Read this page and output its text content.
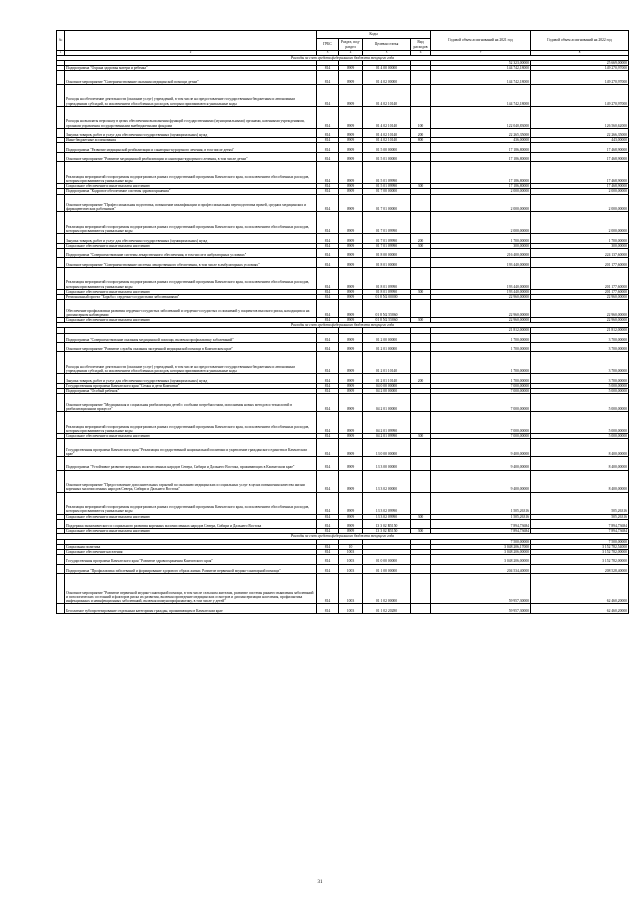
№		Коды				Годовой объем ассигнований на 2021 год	Годовой объем ассигнований на 2022 год
		ГРБС	Раздел, под-раздел	Целевая статья	Вид расходов		
1	2	3	4	5	6	7	8
Расходы за счет средств федерального бюджета текущего года							
						52 323,00000	25 669,00000
	Подпрограмма "Охрана здоровья матери и ребенка"	814	0909	01 4 00 00000		144 742,18000	149 270,97000
	Основное мероприятие "Совершенствование оказания медицинской помощи детям"	814	0909	01 4 02 00000		144 742,18000	149 270,97000
	Расходы на обеспечение деятельности (оказание услуг) учреждений, в том числе на предоставление государственным бюджетным и автономным учреждениям субсидий, за исключением обособленных расходов, которым присваиваются уникальные коды	814	0909	01 4 02 10140		144 742,18000	149 270,97000
	Расходы на выплаты персоналу в целях обеспечения выполнения функций государственными (муниципальными) органами, казенными учреждениями, органами управления государственными внебюджетными фондами	814	0909	01 4 02 10140	100	122 040,83000	126 560,62000
	Закупка товаров, работ и услуг для обеспечения государственных (муниципальных) нужд	814	0909	01 4 02 10140	200	22 265,35000	22 266,35000
	Иные бюджетные ассигнования	814	0909	01 4 02 10140	800	436,00000	443,00000
	Подпрограмма "Развитие медицинской реабилитации и санаторно-курортного лечения, в том числе детям"	814	0909	01 5 00 00000		17 186,80000	17 468,90000
	Основное мероприятие "Развитие медицинской реабилитации и санаторно-курортного лечения, в том числе детям"	814	0909	01 5 01 00000		17 186,80000	17 468,90000
	Реализация мероприятий госпрограммы подпрограммы в рамках государственной программы Камчатского края, за исключением обособленных расходов, которым присваиваются уникальные коды	814	0909	01 5 01 09990		17 186,80000	17 468,90000
	Социальное обеспечение и иные выплаты населению	814	0909	01 5 01 09990	300	17 186,80000	17 468,90000
	Подпрограмма "Кадровое обеспечение системы здравоохранения"	814	0909	01 7 00 00000		2 000,00000	2 000,00000
	Основное мероприятие "Профессиональная подготовка, повышение квалификации и профессиональная переподготовка врачей, средних медицинских и фармацевтических работников"	814	0909	01 7 01 00000		2 000,00000	2 000,00000
	Реализация мероприятий госпрограммы подпрограммы в рамках государственной программы Камчатского края, за исключением обособленных расходов, которым присваиваются уникальные коды	814	0909	01 7 01 09990		2 000,00000	2 000,00000
	Закупка товаров, работ и услуг для обеспечения государственных (муниципальных) нужд	814	0909	01 7 01 09990	200	1 700,00000	1 700,00000
	Социальное обеспечение и иные выплаты населению	814	0909	01 7 01 09990	300	300,00000	300,00000
	Подпрограмма "Совершенствование системы лекарственного обеспечения, в том числе в амбулаторных условиях"	814	0909	01 8 00 00000		216 400,00000	224 137,60000
	Основное мероприятие "Совершенствование системы лекарственного обеспечения, в том числе в амбулаторных условиях"	814	0909	01 8 01 00000		193 440,00000	201 177,60000
	Реализация мероприятий госпрограммы подпрограммы в рамках государственной программы Камчатского края, за исключением обособленных расходов, которым присваиваются уникальные коды	814	0909	01 8 01 09990		193 440,00000	201 177,60000
	Социальное обеспечение и иные выплаты населению	814	0909	01 8 01 09990	300	193 440,00000	201 177,60000
	Региональный проект "Борьба с сердечно-сосудистыми заболеваниями"	814	0909	01 8 N2 00000		22 960,00000	22 960,00000
	Обеспечение профилактики развития сердечно-сосудистых заболеваний и сердечно-сосудистых осложнений у пациентов высокого риска, находящихся на диспансерном наблюдении	814	0909	01 8 N2 55860		22 960,00000	22 960,00000
	Социальное обеспечение и иные выплаты населению	814	0909	01 8 N2 55860	300	22 960,00000	22 960,00000
Расходы за счет средств федерального бюджета текущего года							
						21 812,00000	21 812,00000
	Подпрограмма "Совершенствование оказания медицинской помощи, включая профилактику заболеваний"	814	0909	01 2 00 00000		1 700,00000	3 700,00000
	Основное мероприятие "Развитие службы оказания экстренной медицинской помощи в Камчатском крае"	814	0909	01 2 01 00000		1 700,00000	3 700,00000
	Расходы на обеспечение деятельности (оказание услуг) учреждений, в том числе на предоставление государственным бюджетным и автономным учреждениям субсидий, за исключением обособленных расходов, которым присваиваются уникальные коды	814	0909	01 2 01 10140		1 700,00000	3 700,00000
	Закупка товаров, работ и услуг для обеспечения государственных (муниципальных) нужд	814	0909	01 2 01 10140	200	1 700,00000	3 700,00000
	Государственная программа Камчатского края "Семья и дети Камчатки"	814	0909	04 0 00 00000		7 000,00000	5 000,00000
	Подпрограмма "Особый ребенок"	814	0909	04 2 00 00000		7 000,00000	5 000,00000
	Основное мероприятие "Медицинская и социальная реабилитация детей с особыми потребностями, исполнения новых методов и технологий в реабилитационном процессе"	814	0909	04 2 01 00000		7 000,00000	5 000,00000
	Реализация мероприятий госпрограммы подпрограммы в рамках государственной программы Камчатского края, за исключением обособленных расходов, которым присваиваются уникальные коды	814	0909	04 2 01 09990		7 000,00000	5 000,00000
	Социальное обеспечение и иные выплаты населению	814	0909	04 2 01 09990	300	7 000,00000	5 000,00000
	Государственная программа Камчатского края "Реализация государственной национальной политики и укрепление гражданского единства в Камчатском крае"	814	0909	13 0 00 00000		9 400,00000	8 400,00000
	Подпрограмма "Устойчивое развитие коренных малочисленных народов Севера, Сибири и Дальнего Востока, проживающих в Камчатском крае"	814	0909	13 3 00 00000		9 400,00000	8 400,00000
	Основное мероприятие "Предоставление дополнительных гарантий по оказанию медицинских и социальных услуг в целях повышения качества жизни коренных малочисленных народов Севера, Сибири и Дальнего Востока"	814	0909	13 3 02 00000		9 400,00000	8 400,00000
	Реализация мероприятий госпрограммы подпрограммы в рамках государственной программы Камчатского края, за исключением обособленных расходов, которым присваиваются уникальные коды	814	0909	13 3 02 09990		1 505,26316	505,26316
	Социальное обеспечение и иные выплаты населению	814	0909	13 3 02 09990	300	1 505,26316	505,26316
	Поддержка экономического и социального развития коренных малочисленных народов Севера, Сибири и Дальнего Востока	814	0909	13 3 02 R5150		7 894,73684	7 894,73684
	Социальное обеспечение и иные выплаты населению	814	0909	13 3 02 R5150	300	7 894,73684	7 894,73684
Расходы за счет средств федерального бюджета текущего года							
						7 500,00000	7 500,00000
	Социальная политика	814	10			3 048 206,17000	3 152 782,54000
	Социальное обеспечение населения	814	1003			3 048 206,00000	3 152 782,00000
	Государственная программа Камчатского края "Развитие здравоохранения Камчатского края"	814	1003	01 0 00 00000		3 048 206,00000	3 152 782,00000
	Подпрограмма "Профилактика заболеваний и формирование здорового образа жизни. Развитие первичной медико-санитарной помощи"	814	1003	01 1 00 00000		204 534,40000	208 528,40000
	Основное мероприятие "Развитие первичной медико-санитарной помощи, в том числе сельским жителям, развитие системы раннего выявления заболеваний и патологических состояний и факторов риска их развития, включая проведение медицинских осмотров и диспансеризации населения, профилактика инфекционных и неинфекционных заболеваний, включая иммунопрофилактику, в том числе у детей"	814	1003	01 1 02 00000		59 957,30000	62 460,20000
	Бесплатное зубопротезирование отдельным категориям граждан, проживающим в Камчатском крае	814	1003	01 1 02 20280		59 957,30000	62 460,20000
31
